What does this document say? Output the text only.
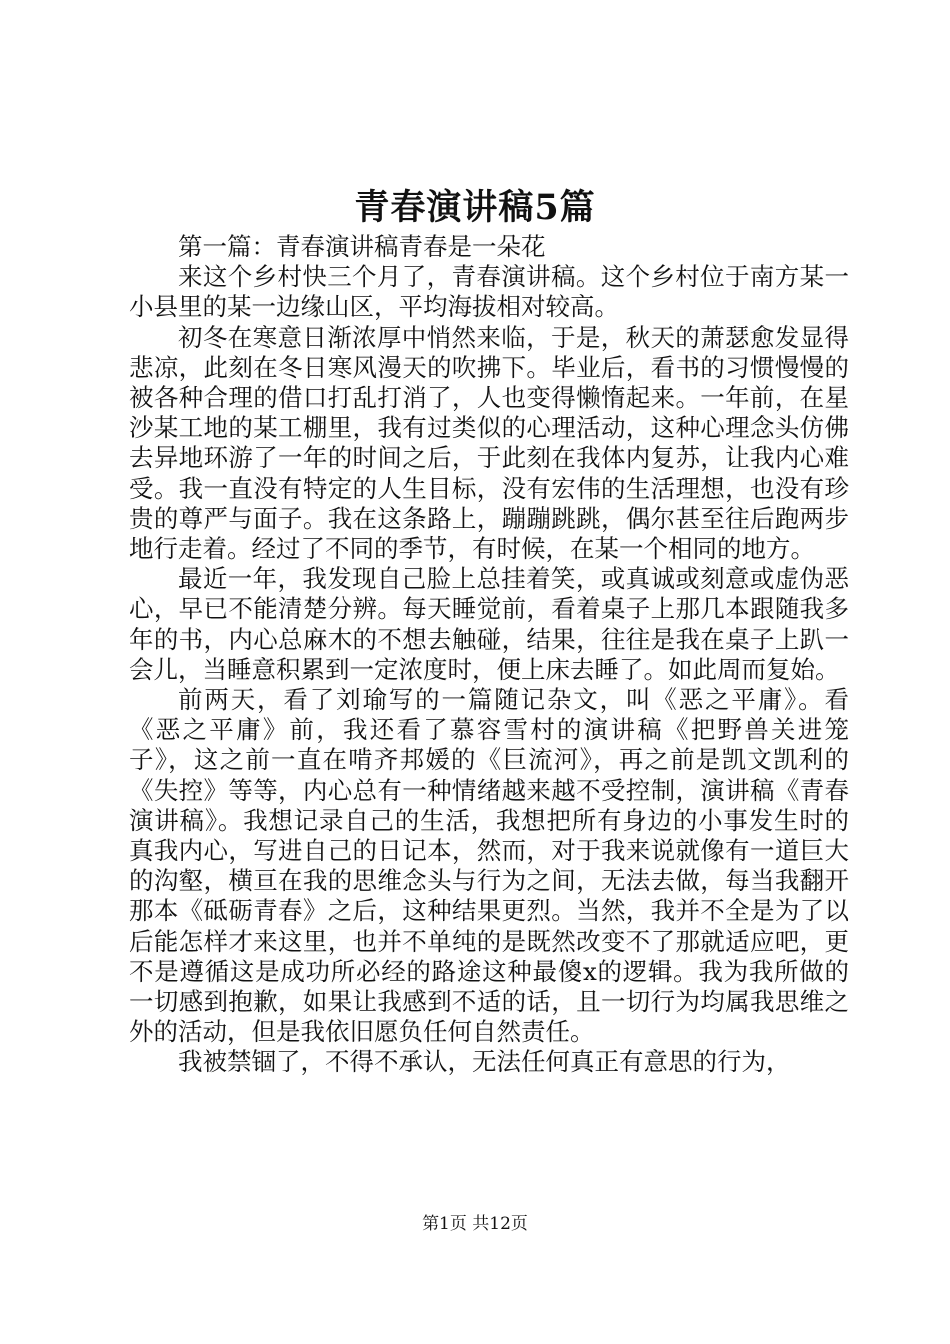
青春演讲稿5篇

第一篇：青春演讲稿青春是一朵花

来这个乡村快三个月了，青春演讲稿。这个乡村位于南方某一小县里的某一边缘山区，平均海拔相对较高。

初冬在寒意日渐浓厚中悄然来临，于是，秋天的萧瑟愈发显得悲凉，此刻在冬日寒风漫天的吹拂下。毕业后，看书的习惯慢慢的被各种合理的借口打乱打消了，人也变得懒惰起来。一年前，在星沙某工地的某工棚里，我有过类似的心理活动，这种心理念头仿佛去异地环游了一年的时间之后，于此刻在我体内复苏，让我内心难受。我一直没有特定的人生目标，没有宏伟的生活理想，也没有珍贵的尊严与面子。我在这条路上，蹦蹦跳跳，偶尔甚至往后跑两步地行走着。经过了不同的季节，有时候，在某一个相同的地方。

最近一年，我发现自己脸上总挂着笑，或真诚或刻意或虚伪恶心，早已不能清楚分辨。每天睡觉前，看着桌子上那几本跟随我多年的书，内心总麻木的不想去触碰，结果，往往是我在桌子上趴一会儿，当睡意积累到一定浓度时，便上床去睡了。如此周而复始。

前两天，看了刘瑜写的一篇随记杂文，叫《恶之平庸》。看《恶之平庸》前，我还看了慕容雪村的演讲稿《把野兽关进笼子》，这之前一直在啃齐邦媛的《巨流河》，再之前是凯文凯利的《失控》等等，内心总有一种情绪越来越不受控制，演讲稿《青春演讲稿》。我想记录自己的生活，我想把所有身边的小事发生时的真我内心，写进自己的日记本，然而，对于我来说就像有一道巨大的沟壑，横亘在我的思维念头与行为之间，无法去做，每当我翻开那本《砥砺青春》之后，这种结果更烈。当然，我并不全是为了以后能怎样才来这里，也并不单纯的是既然改变不了那就适应吧，更不是遵循这是成功所必经的路途这种最傻x的逻辑。我为我所做的一切感到抱歉，如果让我感到不适的话，且一切行为均属我思维之外的活动，但是我依旧愿负任何自然责任。

我被禁锢了，不得不承认，无法任何真正有意思的行为，

第1页 共12页
